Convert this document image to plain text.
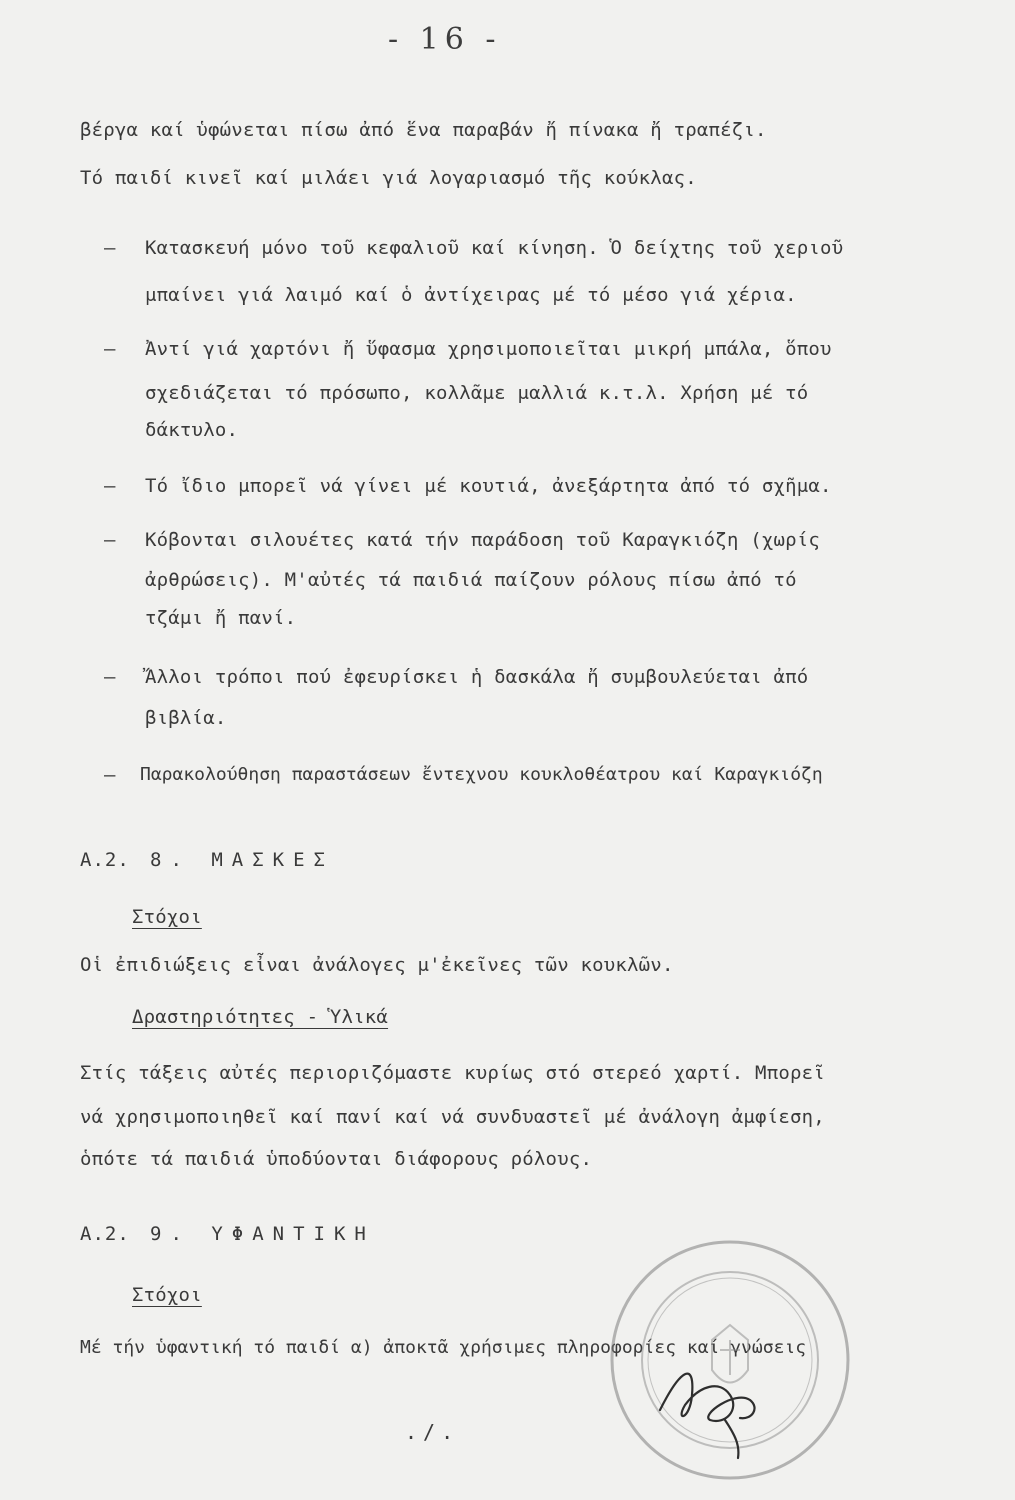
- 16 -
βέργα καί ὑφώνεται πίσω ἀπό ἕνα παραβάν ἤ πίνακα ἤ τραπέζι.
Τό παιδί κινεῖ καί μιλάει γιά λογαριασμό τῆς κούκλας.
– Κατασκευή μόνο τοῦ κεφαλιοῦ καί κίνηση. Ὁ δείχτης τοῦ χεριοῦ
μπαίνει γιά λαιμό καί ὁ ἀντίχειρας μέ τό μέσο γιά χέρια.
– Ἀντί γιά χαρτόνι ἤ ὕφασμα χρησιμοποιεῖται μικρή μπάλα, ὅπου
σχεδιάζεται τό πρόσωπο, κολλᾶμε μαλλιά κ.τ.λ. Χρήση μέ τό
δάκτυλο.
– Τό ἴδιο μπορεῖ νά γίνει μέ κουτιά, ἀνεξάρτητα ἀπό τό σχῆμα.
– Κόβονται σιλουέτες κατά τήν παράδοση τοῦ Καραγκιόζη (χωρίς
ἀρθρώσεις). Μ'αὐτές τά παιδιά παίζουν ρόλους πίσω ἀπό τό
τζάμι ἤ πανί.
– Ἄλλοι τρόποι πού ἐφευρίσκει ἡ δασκάλα ἤ συμβουλεύεται ἀπό
βιβλία.
– Παρακολούθηση παραστάσεων ἔντεχνου κουκλοθέατρου καί Καραγκιόζη
Α.2. 8. ΜΑΣΚΕΣ
Στόχοι
Οἱ ἐπιδιώξεις εἶναι ἀνάλογες μ'ἐκεῖνες τῶν κουκλῶν.
Δραστηριότητες - Ὑλικά
Στίς τάξεις αὐτές περιοριζόμαστε κυρίως στό στερεό χαρτί. Μπορεῖ
νά χρησιμοποιηθεῖ καί πανί καί νά συνδυαστεῖ μέ ἀνάλογη ἀμφίεση,
ὁπότε τά παιδιά ὑποδύονται διάφορους ρόλους.
Α.2. 9. ΥΦΑΝΤΙΚΗ
Στόχοι
Μέ τήν ὑφαντική τό παιδί α) ἀποκτᾶ χρήσιμες πληροφορίες καί γνώσεις
./.
